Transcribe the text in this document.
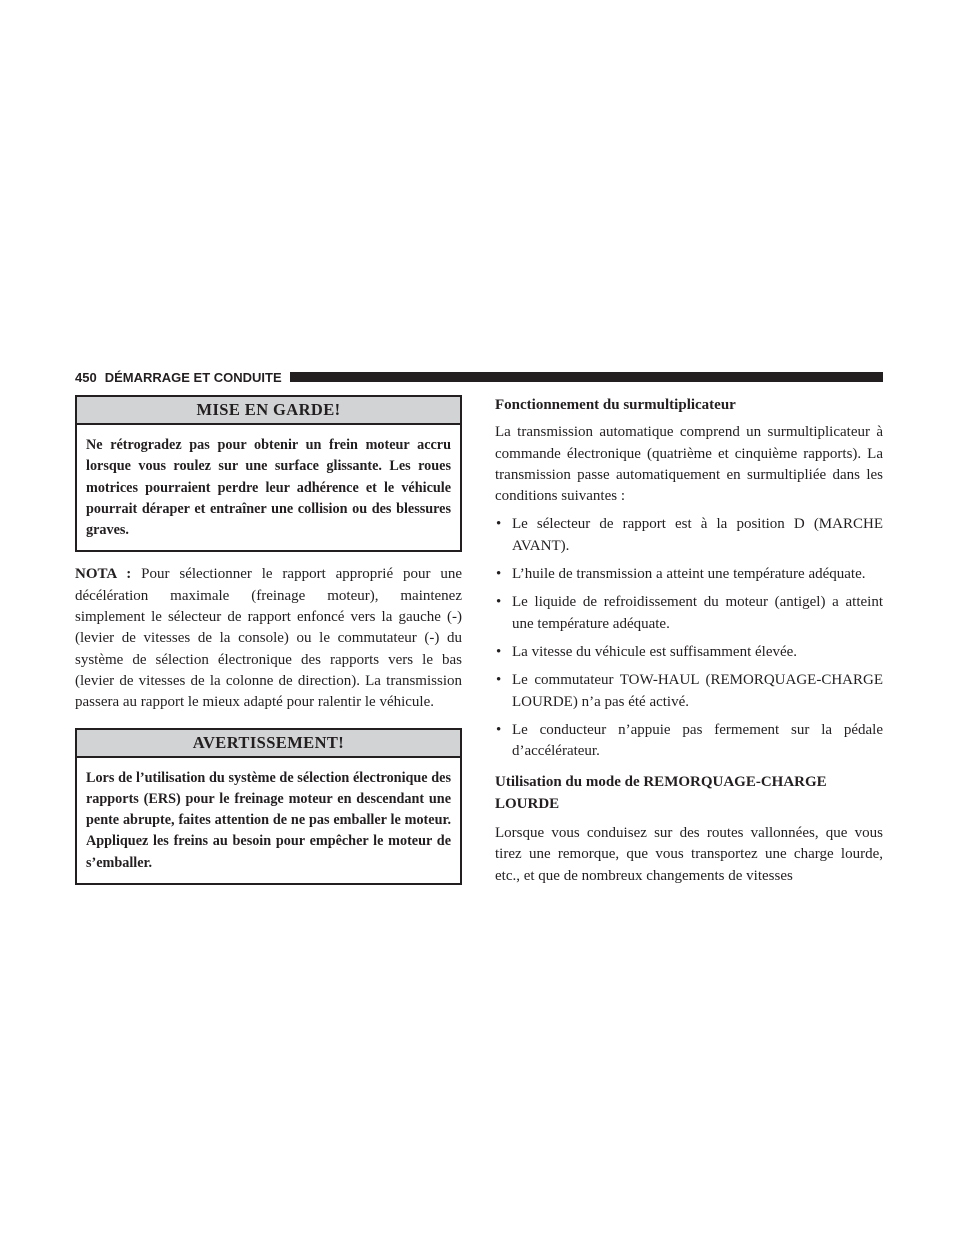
450 DÉMARRAGE ET CONDUITE
MISE EN GARDE!
Ne rétrogradez pas pour obtenir un frein moteur accru lorsque vous roulez sur une surface glissante. Les roues motrices pourraient perdre leur adhérence et le véhicule pourrait déraper et entraîner une collision ou des blessures graves.

NOTA : Pour sélectionner le rapport approprié pour une décélération maximale (freinage moteur), maintenez simplement le sélecteur de rapport enfoncé vers la gauche (-) (levier de vitesses de la console) ou le commutateur (-) du système de sélection électronique des rapports vers le bas (levier de vitesses de la colonne de direction). La transmission passera au rapport le mieux adapté pour ralentir le véhicule.

AVERTISSEMENT!
Lors de l’utilisation du système de sélection électronique des rapports (ERS) pour le freinage moteur en descendant une pente abrupte, faites attention de ne pas emballer le moteur. Appliquez les freins au besoin pour empêcher le moteur de s’emballer.
Fonctionnement du surmultiplicateur

La transmission automatique comprend un surmultiplicateur à commande électronique (quatrième et cinquième rapports). La transmission passe automatiquement en surmultipliée dans les conditions suivantes :

• Le sélecteur de rapport est à la position D (MARCHE AVANT).
• L’huile de transmission a atteint une température adéquate.
• Le liquide de refroidissement du moteur (antigel) a atteint une température adéquate.
• La vitesse du véhicule est suffisamment élevée.
• Le commutateur TOW-HAUL (REMORQUAGE-CHARGE LOURDE) n’a pas été activé.
• Le conducteur n’appuie pas fermement sur la pédale d’accélérateur.
Utilisation du mode de REMORQUAGE-CHARGE LOURDE

Lorsque vous conduisez sur des routes vallonnées, que vous tirez une remorque, que vous transportez une charge lourde, etc., et que de nombreux changements de vitesses
